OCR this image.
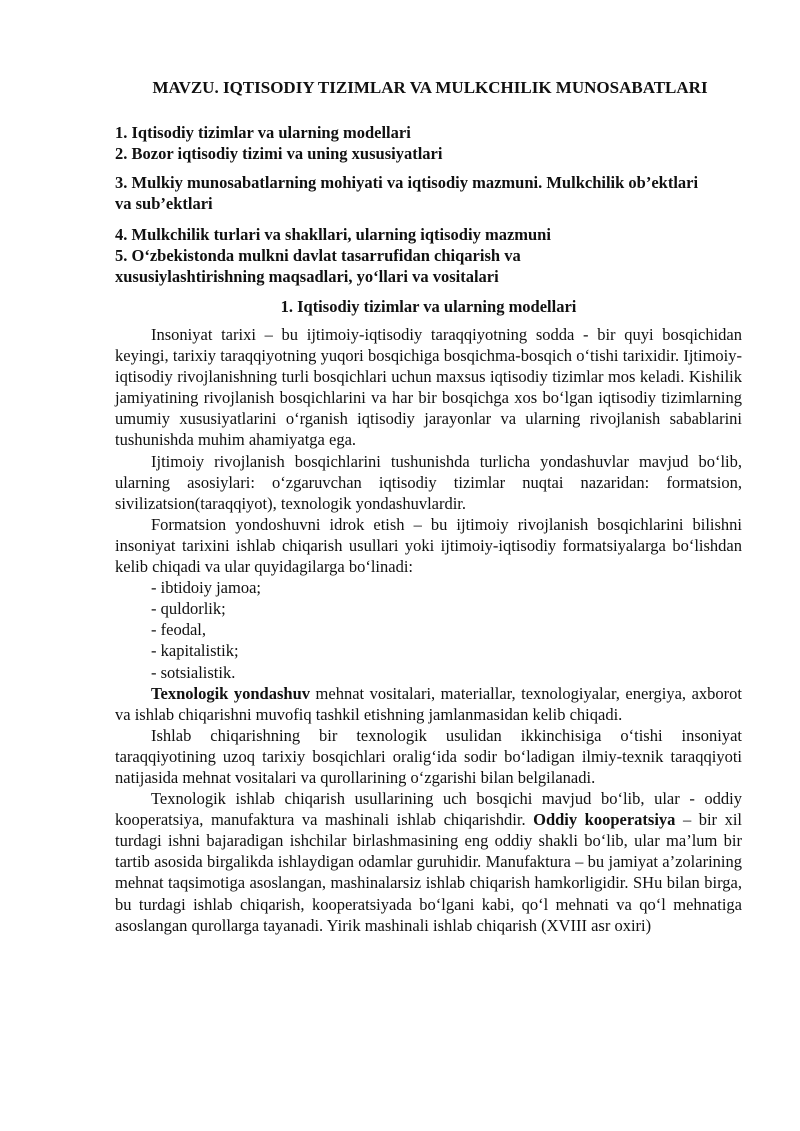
MAVZU. IQTISODIY TIZIMLAR VA MULKCHILIK MUNOSABATLARI
1. Iqtisodiy tizimlar va ularning modellari
2. Bozor iqtisodiy tizimi va uning xususiyatlari
3. Mulkiy munosabatlarning mohiyati va iqtisodiy mazmuni. Mulkchilik ob’ektlari va sub’ektlari
4. Mulkchilik turlari va shakllari, ularning iqtisodiy mazmuni
5. O‘zbekistonda mulkni davlat tasarrufidan chiqarish va xususiylashtirishning maqsadlari, yo‘llari va vositalari
1. Iqtisodiy tizimlar va ularning modellari

Insoniyat tarixi – bu ijtimoiy-iqtisodiy taraqqiyotning sodda - bir quyi bosqichidan keyingi, tarixiy taraqqiyotning yuqori bosqichiga bosqichma-bosqich o‘tishi tarixidir. Ijtimoiy-iqtisodiy rivojlanishning turli bosqichlari uchun maxsus iqtisodiy tizimlar mos keladi. Kishilik jamiyatining rivojlanish bosqichlarini va har bir bosqichga xos bo‘lgan iqtisodiy tizimlarning umumiy xususiyatlarini o‘rganish iqtisodiy jarayonlar va ularning rivojlanish sabablarini tushunishda muhim ahamiyatga ega.

Ijtimoiy rivojlanish bosqichlarini tushunishda turlicha yondashuvlar mavjud bo‘lib, ularning asosiylari: o‘zgaruvchan iqtisodiy tizimlar nuqtai nazaridan: formatsion, sivilizatsion(taraqqiyot), texnologik yondashuvlardir.

Formatsion yondoshuvni idrok etish – bu ijtimoiy rivojlanish bosqichlarini bilishni insoniyat tarixini ishlab chiqarish usullari yoki ijtimoiy-iqtisodiy formatsiyalarga bo‘lishdan kelib chiqadi va ular quyidagilarga bo‘linadi:

- ibtidoiy jamoa;
- quldorlik;
- feodal,
- kapitalistik;
- sotsialistik.

Texnologik yondashuv mehnat vositalari, materiallar, texnologiyalar, energiya, axborot va ishlab chiqarishni muvofiq tashkil etishning jamlanmasidan kelib chiqadi.

Ishlab chiqarishning bir texnologik usulidan ikkinchisiga o‘tishi insoniyat taraqqiyotining uzoq tarixiy bosqichlari oralig‘ida sodir bo‘ladigan ilmiy-texnik taraqqiyoti natijasida mehnat vositalari va qurollarining o‘zgarishi bilan belgilanadi.

Texnologik ishlab chiqarish usullarining uch bosqichi mavjud bo‘lib, ular - oddiy kooperatsiya, manufaktura va mashinali ishlab chiqarishdir. Oddiy kooperatsiya – bir xil turdagi ishni bajaradigan ishchilar birlashmasining eng oddiy shakli bo‘lib, ular ma’lum bir tartib asosida birgalikda ishlaydigan odamlar guruhidir. Manufaktura – bu jamiyat a’zolarining mehnat taqsimotiga asoslangan, mashinalarsiz ishlab chiqarish hamkorligidir. SHu bilan birga, bu turdagi ishlab chiqarish, kooperatsiyada bo‘lgani kabi, qo‘l mehnati va qo‘l mehnatiga asoslangan qurollarga tayanadi. Yirik mashinali ishlab chiqarish (XVIII asr oxiri)
